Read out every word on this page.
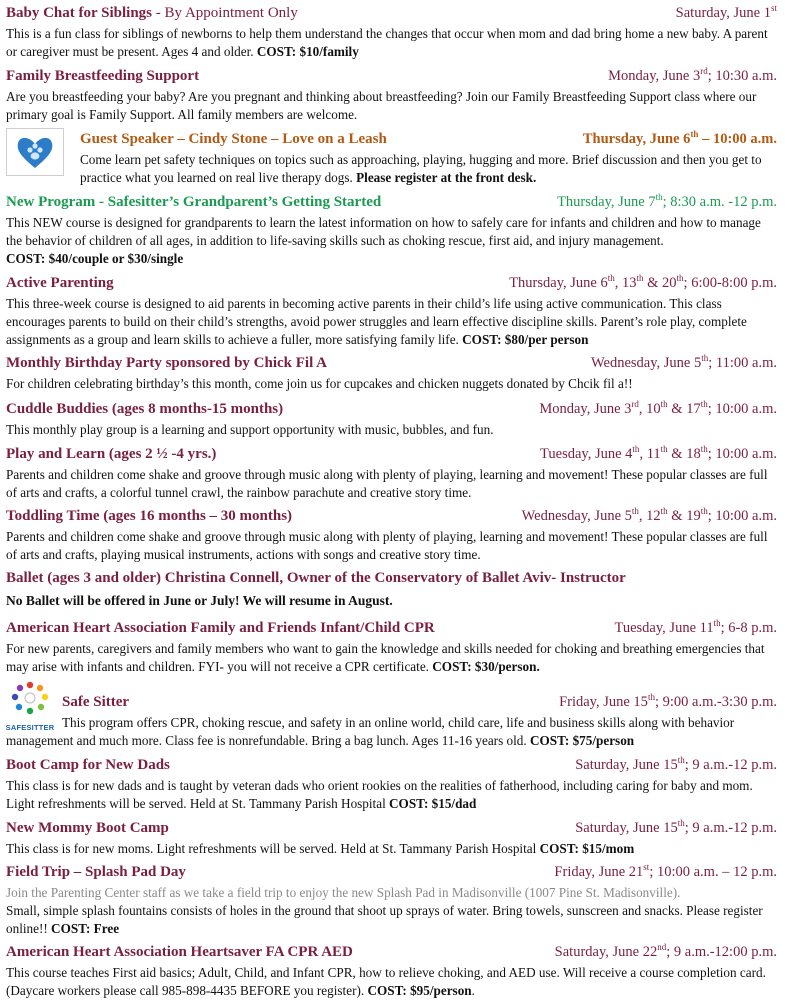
Baby Chat for Siblings - By Appointment Only	Saturday, June 1st
This is a fun class for siblings of newborns to help them understand the changes that occur when mom and dad bring home a new baby. A parent or caregiver must be present. Ages 4 and older. COST: $10/family
Family Breastfeeding Support	Monday, June 3rd; 10:30 a.m.
Are you breastfeeding your baby? Are you pregnant and thinking about breastfeeding? Join our Family Breastfeeding Support class where our primary goal is Family Support. All family members are welcome.
Guest Speaker – Cindy Stone – Love on a Leash	Thursday, June 6th – 10:00 a.m.
Come learn pet safety techniques on topics such as approaching, playing, hugging and more. Brief discussion and then you get to practice what you learned on real live therapy dogs. Please register at the front desk.
New Program - Safesitter’s Grandparent’s Getting Started	Thursday, June 7th; 8:30 a.m. -12 p.m.
This NEW course is designed for grandparents to learn the latest information on how to safely care for infants and children and how to manage the behavior of children of all ages, in addition to life-saving skills such as choking rescue, first aid, and injury management.
COST: $40/couple or $30/single
Active Parenting	Thursday, June 6th, 13th & 20th; 6:00-8:00 p.m.
This three-week course is designed to aid parents in becoming active parents in their child’s life using active communication. This class encourages parents to build on their child’s strengths, avoid power struggles and learn effective discipline skills. Parent’s role play, complete assignments as a group and learn skills to achieve a fuller, more satisfying family life. COST: $80/per person
Monthly Birthday Party sponsored by Chick Fil A	Wednesday, June 5th; 11:00 a.m.
For children celebrating birthday’s this month, come join us for cupcakes and chicken nuggets donated by Chcik fil a!!
Cuddle Buddies (ages 8 months-15 months)	Monday, June 3rd, 10th & 17th; 10:00 a.m.
This monthly play group is a learning and support opportunity with music, bubbles, and fun.
Play and Learn (ages 2 ½ -4 yrs.)	Tuesday, June 4th, 11th & 18th; 10:00 a.m.
Parents and children come shake and groove through music along with plenty of playing, learning and movement! These popular classes are full of arts and crafts, a colorful tunnel crawl, the rainbow parachute and creative story time.
Toddling Time (ages 16 months – 30 months)	Wednesday, June 5th, 12th & 19th; 10:00 a.m.
Parents and children come shake and groove through music along with plenty of playing, learning and movement! These popular classes are full of arts and crafts, playing musical instruments, actions with songs and creative story time.
Ballet (ages 3 and older) Christina Connell, Owner of the Conservatory of Ballet Aviv- Instructor
No Ballet will be offered in June or July! We will resume in August.
American Heart Association Family and Friends Infant/Child CPR	Tuesday, June 11th; 6-8 p.m.
For new parents, caregivers and family members who want to gain the knowledge and skills needed for choking and breathing emergencies that may arise with infants and children. FYI- you will not receive a CPR certificate. COST: $30/person.
SAFESITTER
Safe Sitter	Friday, June 15th; 9:00 a.m.-3:30 p.m.
This program offers CPR, choking rescue, and safety in an online world, child care, life and business skills along with behavior management and much more. Class fee is nonrefundable. Bring a bag lunch. Ages 11-16 years old. COST: $75/person
Boot Camp for New Dads	Saturday, June 15th; 9 a.m.-12 p.m.
This class is for new dads and is taught by veteran dads who orient rookies on the realities of fatherhood, including caring for baby and mom. Light refreshments will be served. Held at St. Tammany Parish Hospital COST: $15/dad
New Mommy Boot Camp	Saturday, June 15th; 9 a.m.-12 p.m.
This class is for new moms. Light refreshments will be served. Held at St. Tammany Parish Hospital COST: $15/mom
Field Trip – Splash Pad Day	Friday, June 21st; 10:00 a.m. – 12 p.m.
Join the Parenting Center staff as we take a field trip to enjoy the new Splash Pad in Madisonville (1007 Pine St. Madisonville).
Small, simple splash fountains consists of holes in the ground that shoot up sprays of water. Bring towels, sunscreen and snacks. Please register online!! COST: Free
American Heart Association Heartsaver FA CPR AED	Saturday, June 22nd; 9 a.m.-12:00 p.m.
This course teaches First aid basics; Adult, Child, and Infant CPR, how to relieve choking, and AED use. Will receive a course completion card. (Daycare workers please call 985-898-4435 BEFORE you register). COST: $95/person.
